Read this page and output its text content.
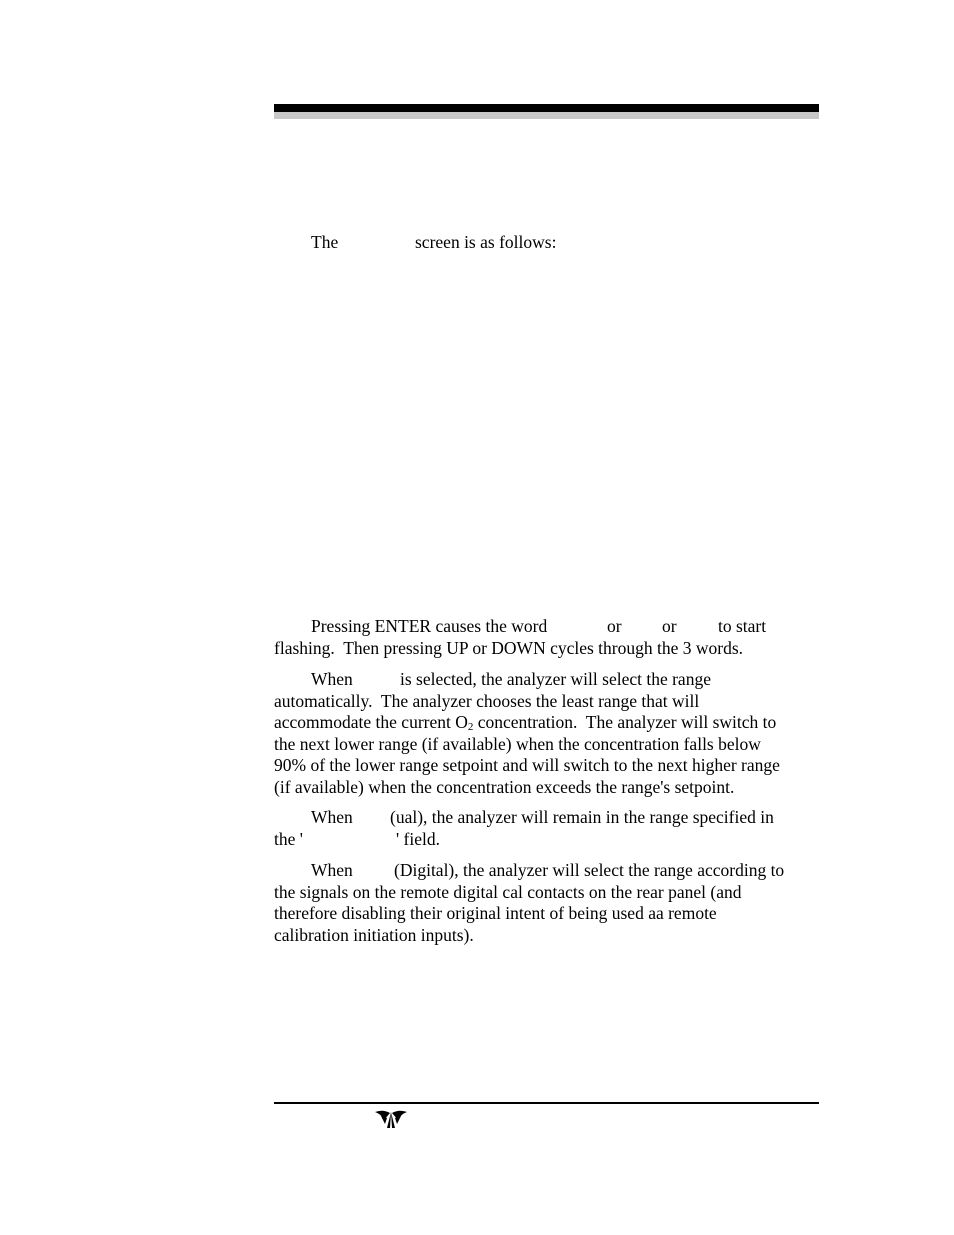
The	screen is as follows:
Pressing ENTER causes the word	or or to start

flashing.  Then pressing UP or DOWN cycles through the 3 words.

When	is selected, the analyzer will select the range

automatically.  The analyzer chooses the least range that will

accommodate the current $O_2$ concentration.  The analyzer will switch to

the next lower range (if available) when the concentration falls below

90% of the lower range setpoint and will switch to the next higher range

(if available) when the concentration exceeds the range's setpoint.

When (ual), the analyzer will remain in the range specified in
the '	' field.
When (Digital), the analyzer will select the range according to

the signals on the remote digital cal contacts on the rear panel (and

therefore disabling their original intent of being used aa remote

calibration initiation inputs).
